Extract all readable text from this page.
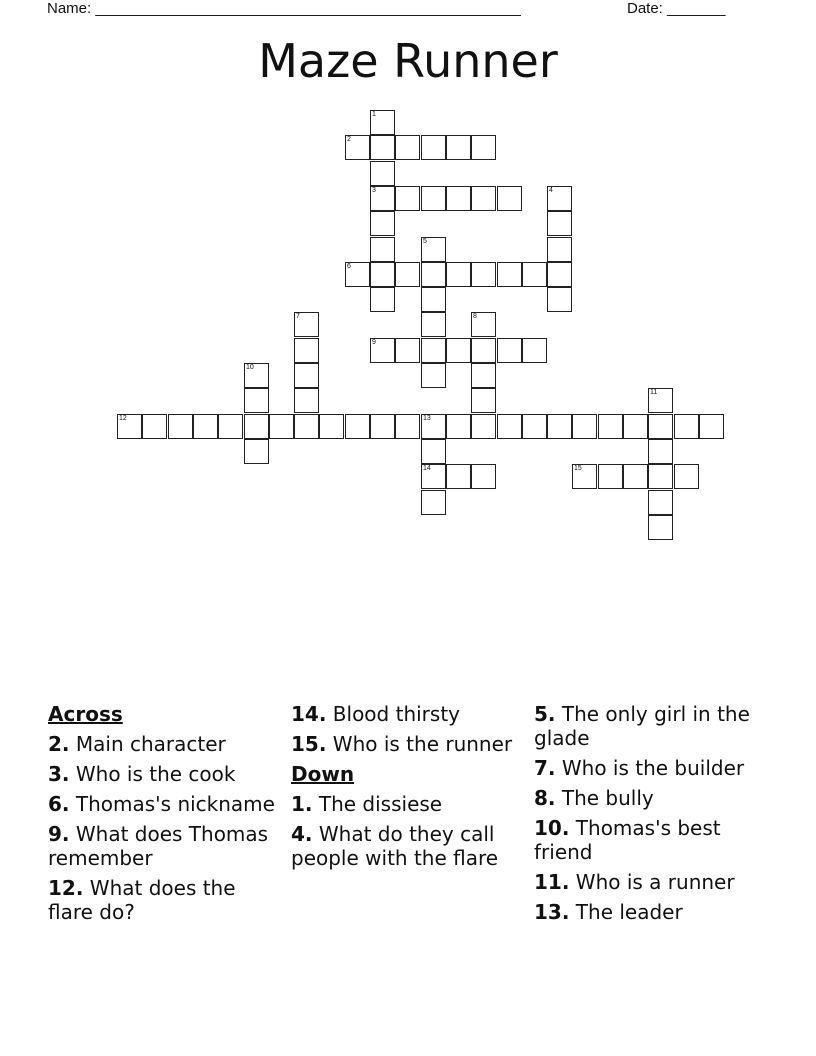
Name: ___________________________________________________	Date: _______
Maze Runner
1
3
2
4
5
6
7	8
9
10
11
12	13
14	15
Across
2. Main character
3. Who is the cook
6. Thomas's nickname
9. What does Thomas remember
12. What does the flare do?
14. Blood thirsty
15. Who is the runner
Down
1. The dissiese
4. What do they call people with the flare
5. The only girl in the glade
7. Who is the builder
8. The bully
10. Thomas's best friend
11. Who is a runner
13. The leader
